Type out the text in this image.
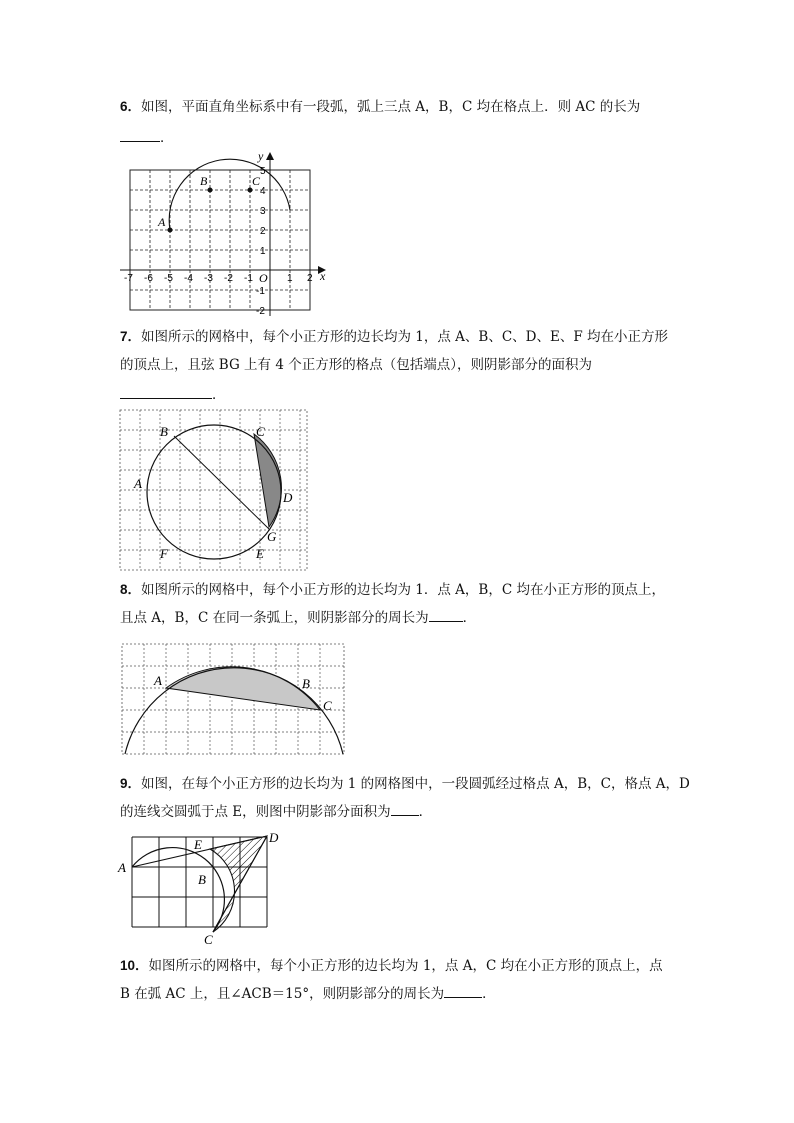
6．如图，平面直角坐标系中有一段弧，弧上三点 A，B，C 均在格点上．则 AC 的长为
．
A
B	C
x
y
O
-7 -6 -5 -4 -3 -2 -1	1 2
5
4
3
2
1
-1
-2
7．如图所示的网格中，每个小正方形的边长均为 1，点 A、B、C、D、E、F 均在小正方形
的顶点上，且弦 BG 上有 4 个正方形的格点（包括端点），则阴影部分的面积为
．
B	C
A
D
G
E
F
8．如图所示的网格中，每个小正方形的边长均为 1．点 A，B，C 均在小正方形的顶点上，
且点 A，B，C 在同一条弧上，则阴影部分的周长为	．
A	B
C
9．如图，在每个小正方形的边长均为 1 的网格图中，一段圆弧经过格点 A，B，C，格点 A，D
的连线交圆弧于点 E，则图中阴影部分面积为 ．
A
E	D
B
C
10．如图所示的网格中，每个小正方形的边长均为 1，点 A，C 均在小正方形的顶点上，点
B 在弧 AC 上，且∠ACB＝15°，则阴影部分的周长为	．
